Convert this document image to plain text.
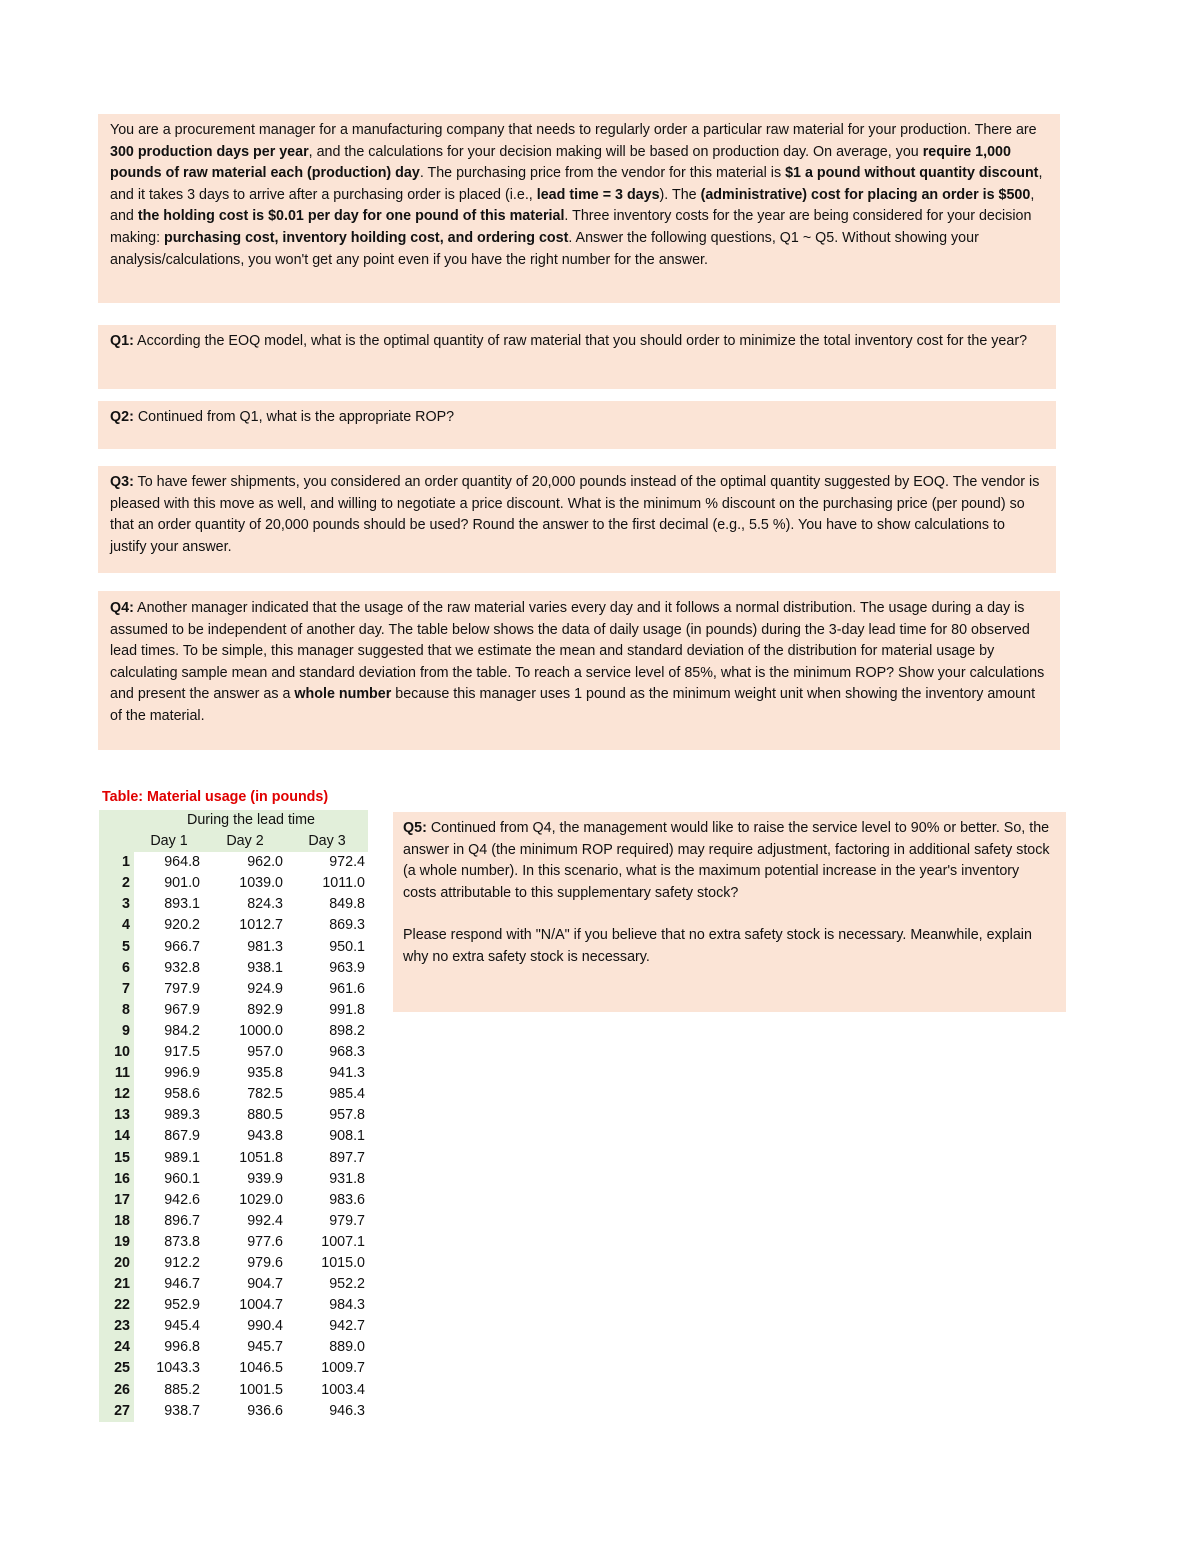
You are a procurement manager for a manufacturing company that needs to regularly order a particular raw material for your production. There are 300 production days per year, and the calculations for your decision making will be based on production day. On average, you require 1,000 pounds of raw material each (production) day. The purchasing price from the vendor for this material is $1 a pound without quantity discount, and it takes 3 days to arrive after a purchasing order is placed (i.e., lead time = 3 days). The (administrative) cost for placing an order is $500, and the holding cost is $0.01 per day for one pound of this material. Three inventory costs for the year are being considered for your decision making: purchasing cost, inventory hoilding cost, and ordering cost. Answer the following questions, Q1 ~ Q5. Without showing your analysis/calculations, you won't get any point even if you have the right number for the answer.

Q1: According the EOQ model, what is the optimal quantity of raw material that you should order to minimize the total inventory cost for the year?

Q2: Continued from Q1, what is the appropriate ROP?

Q3: To have fewer shipments, you considered an order quantity of 20,000 pounds instead of the optimal quantity suggested by EOQ. The vendor is pleased with this move as well, and willing to negotiate a price discount. What is the minimum % discount on the purchasing price (per pound) so that an order quantity of 20,000 pounds should be used? Round the answer to the first decimal (e.g., 5.5 %). You have to show calculations to justify your answer.

Q4: Another manager indicated that the usage of the raw material varies every day and it follows a normal distribution. The usage during a day is assumed to be independent of another day. The table below shows the data of daily usage (in pounds) during the 3-day lead time for 80 observed lead times. To be simple, this manager suggested that we estimate the mean and standard deviation of the distribution for material usage by calculating sample mean and standard deviation from the table. To reach a service level of 85%, what is the minimum ROP? Show your calculations and present the answer as a whole number because this manager uses 1 pound as the minimum weight unit when showing the inventory amount of the material.

Table: Material usage (in pounds)
	During the lead time		
	Day 1	Day 2	Day 3
1	964.8	962.0	972.4
2	901.0	1039.0	1011.0
3	893.1	824.3	849.8
4	920.2	1012.7	869.3
5	966.7	981.3	950.1
6	932.8	938.1	963.9
7	797.9	924.9	961.6
8	967.9	892.9	991.8
9	984.2	1000.0	898.2
10	917.5	957.0	968.3
11	996.9	935.8	941.3
12	958.6	782.5	985.4
13	989.3	880.5	957.8
14	867.9	943.8	908.1
15	989.1	1051.8	897.7
16	960.1	939.9	931.8
17	942.6	1029.0	983.6
18	896.7	992.4	979.7
19	873.8	977.6	1007.1
20	912.2	979.6	1015.0
21	946.7	904.7	952.2
22	952.9	1004.7	984.3
23	945.4	990.4	942.7
24	996.8	945.7	889.0
25	1043.3	1046.5	1009.7
26	885.2	1001.5	1003.4
27	938.7	936.6	946.3

Q5: Continued from Q4, the management would like to raise the service level to 90% or better. So, the answer in Q4 (the minimum ROP required) may require adjustment, factoring in additional safety stock (a whole number). In this scenario, what is the maximum potential increase in the year's inventory costs attributable to this supplementary safety stock?

Please respond with "N/A" if you believe that no extra safety stock is necessary. Meanwhile, explain why no extra safety stock is necessary.
